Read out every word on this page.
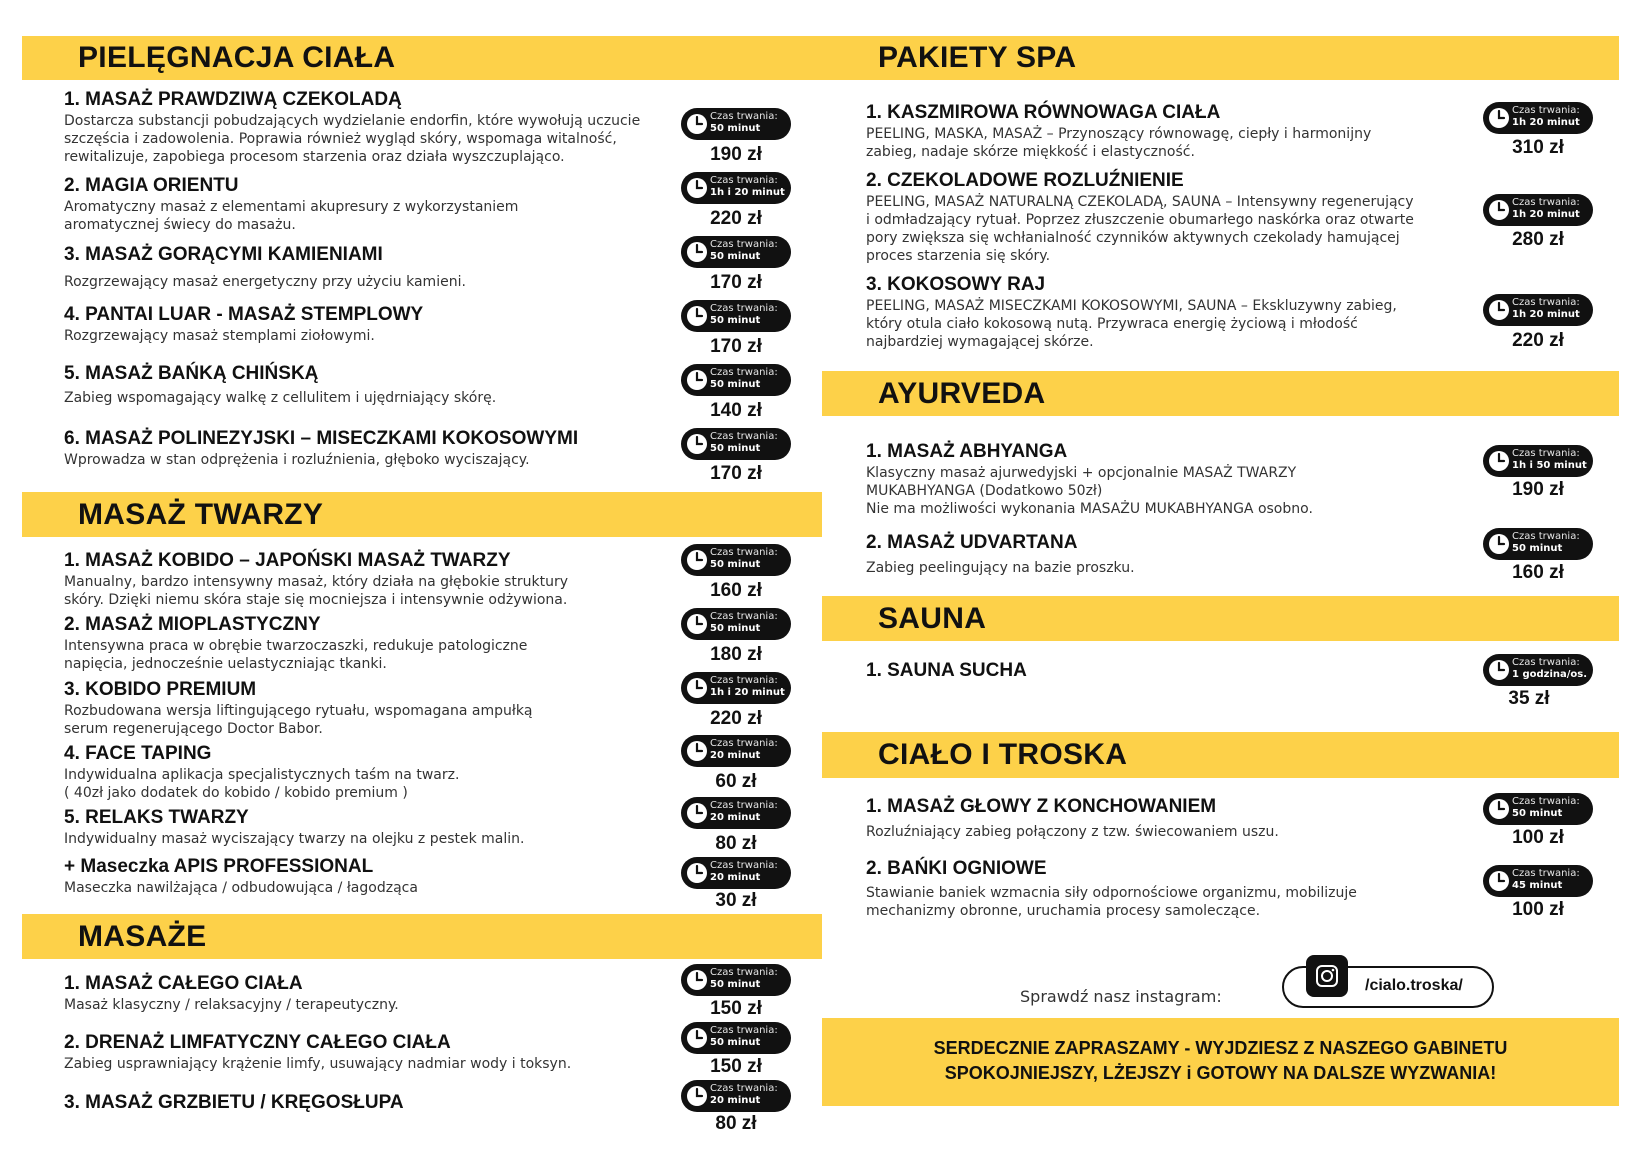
PIELĘGNACJA CIAŁA
1. MASAŻ PRAWDZIWĄ CZEKOLADĄ
Dostarcza substancji pobudzających wydzielanie endorfin, które wywołują uczucie
szczęścia i zadowolenia. Poprawia również wygląd skóry, wspomaga witalność,
rewitalizuje, zapobiega procesom starzenia oraz działa wyszczuplająco.
2. MAGIA ORIENTU
Aromatyczny masaż z elementami akupresury z wykorzystaniem
aromatycznej świecy do masażu.
3. MASAŻ GORĄCYMI KAMIENIAMI
Rozgrzewający masaż energetyczny przy użyciu kamieni.
4. PANTAI LUAR - MASAŻ STEMPLOWY
Rozgrzewający masaż stemplami ziołowymi.
5. MASAŻ BAŃKĄ CHIŃSKĄ
Zabieg wspomagający walkę z cellulitem i ujędrniający skórę.
6. MASAŻ POLINEZYJSKI – MISECZKAMI KOKOSOWYMI
Wprowadza w stan odprężenia i rozluźnienia, głęboko wyciszający.
MASAŻ TWARZY
1. MASAŻ KOBIDO – JAPOŃSKI MASAŻ TWARZY
Manualny, bardzo intensywny masaż, który działa na głębokie struktury
skóry. Dzięki niemu skóra staje się mocniejsza i intensywnie odżywiona.
2. MASAŻ MIOPLASTYCZNY
Intensywna praca w obrębie twarzoczaszki, redukuje patologiczne
napięcia, jednocześnie uelastyczniając tkanki.
3. KOBIDO PREMIUM
Rozbudowana wersja liftingującego rytuału, wspomagana ampułką
serum regenerującego Doctor Babor.
4. FACE TAPING
Indywidualna aplikacja specjalistycznych taśm na twarz.
( 40zł jako dodatek do kobido / kobido premium )
5. RELAKS TWARZY
Indywidualny masaż wyciszający twarzy na olejku z pestek malin.
+ Maseczka APIS PROFESSIONAL
Maseczka nawilżająca / odbudowująca / łagodząca
MASAŻE
1. MASAŻ CAŁEGO CIAŁA
Masaż klasyczny / relaksacyjny / terapeutyczny.
2. DRENAŻ LIMFATYCZNY CAŁEGO CIAŁA
Zabieg usprawniający krążenie limfy, usuwający nadmiar wody i toksyn.
3. MASAŻ GRZBIETU / KRĘGOSŁUPA
Czas trwania:
50 minut
190 zł
Czas trwania:
1h i 20 minut
220 zł
Czas trwania:
50 minut
170 zł
Czas trwania:
50 minut
170 zł
Czas trwania:
50 minut
140 zł
Czas trwania:
50 minut
170 zł
Czas trwania:
50 minut
160 zł
Czas trwania:
50 minut
180 zł
Czas trwania:
1h i 20 minut
220 zł
Czas trwania:
20 minut
60 zł
Czas trwania:
20 minut
80 zł
Czas trwania:
20 minut
30 zł
Czas trwania:
50 minut
150 zł
Czas trwania:
50 minut
150 zł
Czas trwania:
20 minut
80 zł
PAKIETY SPA
1. KASZMIROWA RÓWNOWAGA CIAŁA
PEELING, MASKA, MASAŻ – Przynoszący równowagę, ciepły i harmonijny
zabieg, nadaje skórze miękkość i elastyczność.
2. CZEKOLADOWE ROZLUŹNIENIE
PEELING, MASAŻ NATURALNĄ CZEKOLADĄ, SAUNA – Intensywny regenerujący
i odmładzający rytuał. Poprzez złuszczenie obumarłego naskórka oraz otwarte
pory zwiększa się wchłanialność czynników aktywnych czekolady hamującej
proces starzenia się skóry.
3. KOKOSOWY RAJ
PEELING, MASAŻ MISECZKAMI KOKOSOWYMI, SAUNA – Ekskluzywny zabieg,
który otula ciało kokosową nutą. Przywraca energię życiową i młodość
najbardziej wymagającej skórze.
AYURVEDA
1. MASAŻ ABHYANGA
Klasyczny masaż ajurwedyjski + opcjonalnie MASAŻ TWARZY
MUKABHYANGA (Dodatkowo 50zł)
Nie ma możliwości wykonania MASAŻU MUKABHYANGA osobno.
2. MASAŻ UDVARTANA
Zabieg peelingujący na bazie proszku.
SAUNA
1. SAUNA SUCHA
CIAŁO I TROSKA
1. MASAŻ GŁOWY Z KONCHOWANIEM
Rozluźniający zabieg połączony z tzw. świecowaniem uszu.
2. BAŃKI OGNIOWE
Stawianie baniek wzmacnia siły odpornościowe organizmu, mobilizuje
mechanizmy obronne, uruchamia procesy samoleczące.
Czas trwania:
1h 20 minut
310 zł
Czas trwania:
1h 20 minut
280 zł
Czas trwania:
1h 20 minut
220 zł
Czas trwania:
1h i 50 minut
190 zł
Czas trwania:
50 minut
160 zł
Czas trwania:
1 godzina/os.
35 zł
Czas trwania:
50 minut
100 zł
Czas trwania:
45 minut
100 zł
Sprawdź nasz instagram:
/cialo.troska/
SERDECZNIE ZAPRASZAMY - WYJDZIESZ Z NASZEGO GABINETU
SPOKOJNIEJSZY, LŻEJSZY i GOTOWY NA DALSZE WYZWANIA!
